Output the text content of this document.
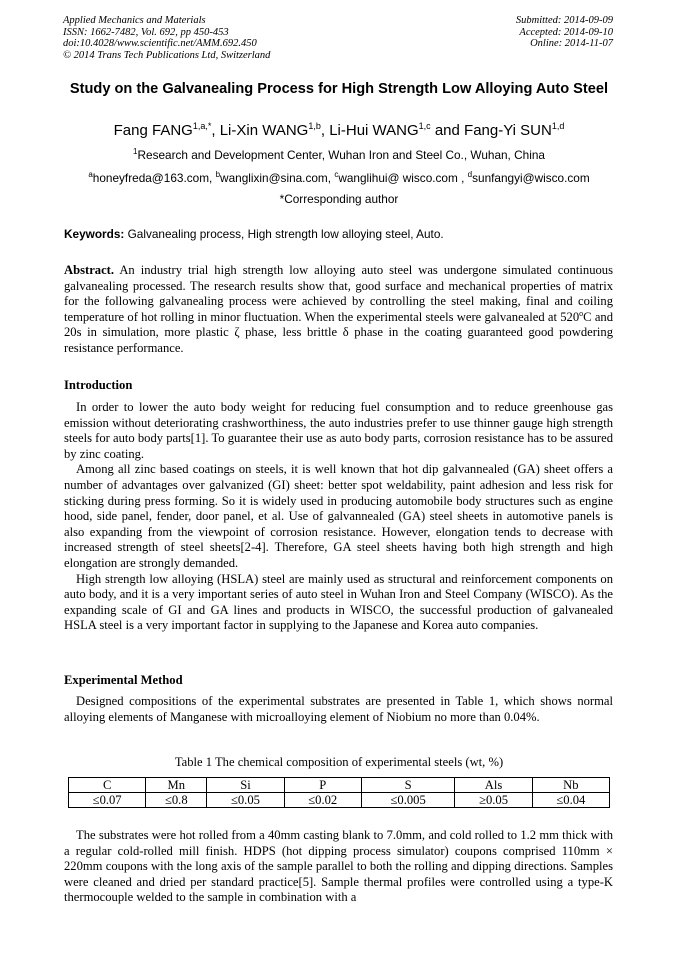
Applied Mechanics and Materials
ISSN: 1662-7482, Vol. 692, pp 450-453
doi:10.4028/www.scientific.net/AMM.692.450
© 2014 Trans Tech Publications Ltd, Switzerland
Submitted: 2014-09-09
Accepted: 2014-09-10
Online: 2014-11-07
Study on the Galvanealing Process for High Strength Low Alloying Auto Steel
Fang $FANG^{1,a,*}$, Li-Xin WANG$^{1,b}$, Li-Hui WANG$^{1,c}$ and Fang-Yi SUN$^{1,d}$
$^1$Research and Development Center, Wuhan Iron and Steel Co., Wuhan, China
$^a$honeyfreda@163.com, $^b$wanglixin@sina.com, $^c$wanglihui@ wisco.com , $^d$sunfangyi@wisco.com
*Corresponding author
Keywords: Galvanealing process, High strength low alloying steel, Auto.

Abstract. An industry trial high strength low alloying auto steel was undergone simulated continuous galvanealing processed. The research results show that, good surface and mechanical properties of matrix for the following galvanealing process were achieved by controlling the steel making, final and coiling temperature of hot rolling in minor fluctuation. When the experimental steels were galvanealed at 520$^o$C and 20s in simulation, more plastic ζ phase, less brittle δ phase in the coating guaranteed good powdering resistance performance.

Introduction

In order to lower the auto body weight for reducing fuel consumption and to reduce greenhouse gas emission without deteriorating crashworthiness, the auto industries prefer to use thinner gauge high strength steels for auto body parts[1]. To guarantee their use as auto body parts, corrosion resistance has to be assured by zinc coating.

Among all zinc based coatings on steels, it is well known that hot dip galvannealed (GA) sheet offers a number of advantages over galvanized (GI) sheet: better spot weldability, paint adhesion and less risk for sticking during press forming. So it is widely used in producing automobile body structures such as engine hood, side panel, fender, door panel, et al. Use of galvannealed (GA) steel sheets in automotive panels is also expanding from the viewpoint of corrosion resistance. However, elongation tends to decrease with increased strength of steel sheets[2-4]. Therefore, GA steel sheets having both high strength and high elongation are strongly demanded.

High strength low alloying (HSLA) steel are mainly used as structural and reinforcement components on auto body, and it is a very important series of auto steel in Wuhan Iron and Steel Company (WISCO). As the expanding scale of GI and GA lines and products in WISCO, the successful production of galvanealed HSLA steel is a very important factor in supplying to the Japanese and Korea auto companies.

Experimental Method

Designed compositions of the experimental substrates are presented in Table 1, which shows normal alloying elements of Manganese with microalloying element of Niobium no more than 0.04%.

Table 1 The chemical composition of experimental steels (wt, %)
C	Mn	Si	P	S	Als	Nb
≤0.07	≤0.8	≤0.05	≤0.02	≤0.005	≥0.05	≤0.04

The substrates were hot rolled from a 40mm casting blank to 7.0mm, and cold rolled to 1.2 mm thick with a regular cold-rolled mill finish. HDPS (hot dipping process simulator) coupons comprised 110mm × 220mm coupons with the long axis of the sample parallel to both the rolling and dipping directions. Samples were cleaned and dried per standard practice[5]. Sample thermal profiles were controlled using a type-K thermocouple welded to the sample in combination with a
